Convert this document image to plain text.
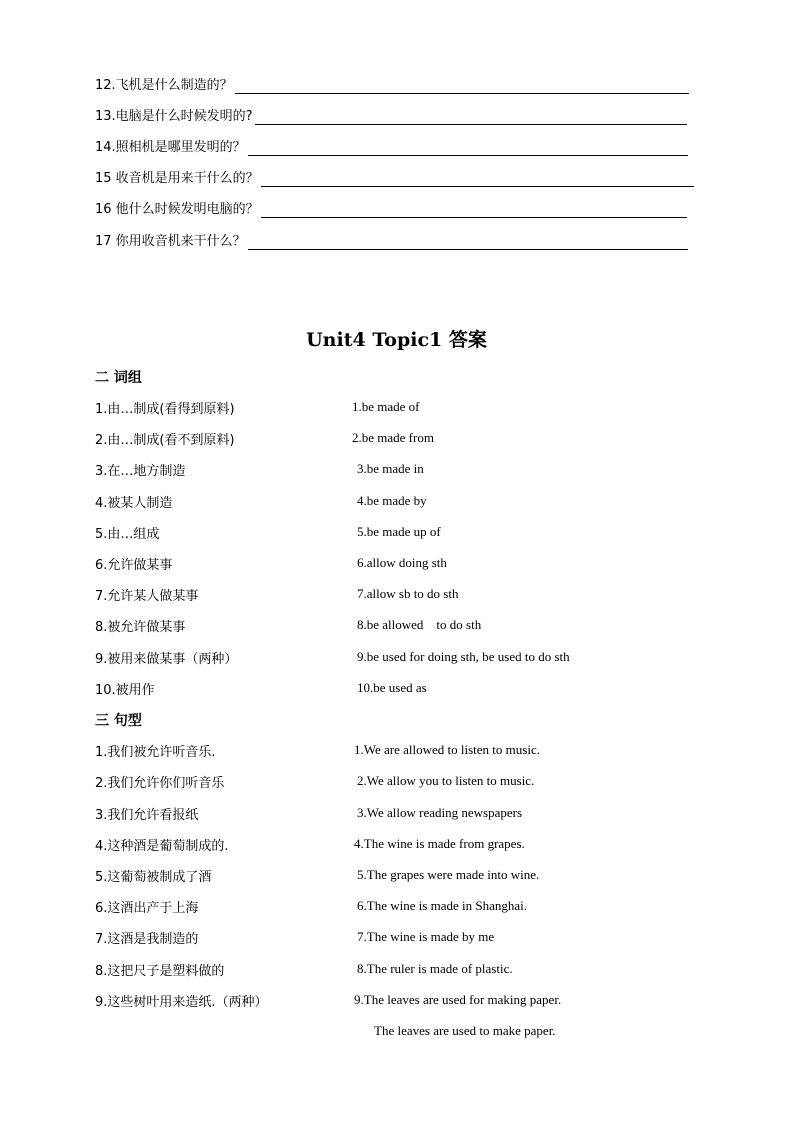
12.飞机是什么制造的？
13.电脑是什么时候发明的?
14.照相机是哪里发明的？
15 收音机是用来干什么的？
16 他什么时候发明电脑的？
17 你用收音机来干什么？
Unit4 Topic1 答案
二 词组
1.由…制成(看得到原料)	1.be made of
2.由…制成(看不到原料)	2.be made from
3.在…地方制造	3.be made in
4.被某人制造	4.be made by
5.由…组成	5.be made up of
6.允许做某事	6.allow doing sth
7.允许某人做某事	7.allow sb to do sth
8.被允许做某事	8.be allowed    to do sth
9.被用来做某事（两种）	9.be used for doing sth, be used to do sth
10.被用作	10.be used as
三 句型
1.我们被允许听音乐.	1.We are allowed to listen to music.
2.我们允许你们听音乐	2.We allow you to listen to music.
3.我们允许看报纸	3.We allow reading newspapers
4.这种酒是葡萄制成的.	4.The wine is made from grapes.
5.这葡萄被制成了酒	5.The grapes were made into wine.
6.这酒出产于上海	6.The wine is made in Shanghai.
7.这酒是我制造的	7.The wine is made by me
8.这把尺子是塑料做的	8.The ruler is made of plastic.
9.这些树叶用来造纸.（两种）	9.The leaves are used for making paper.
The leaves are used to make paper.
